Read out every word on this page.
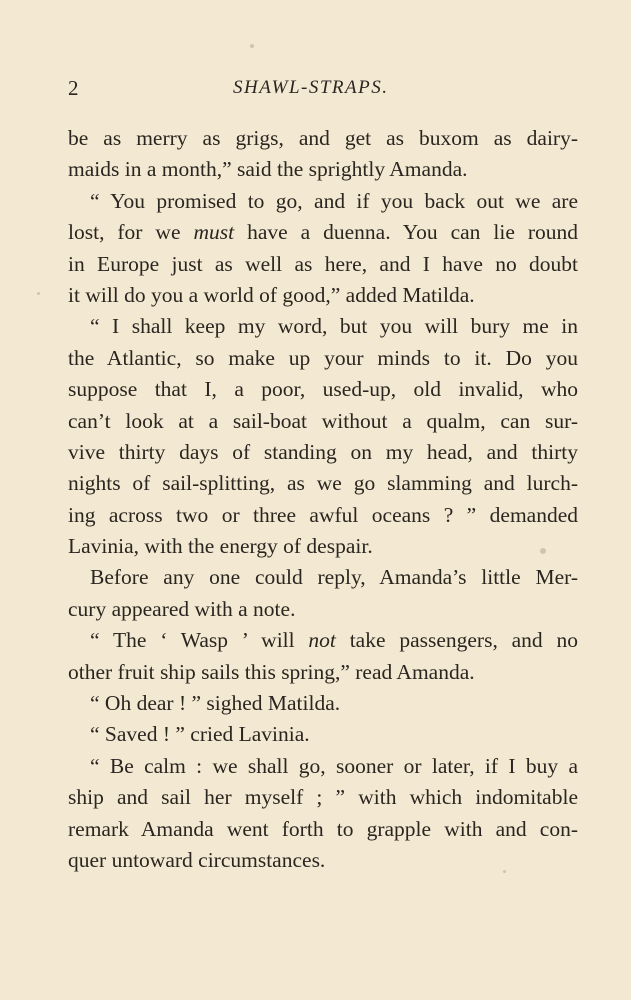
2	SHAWL-STRAPS.
be as merry as grigs, and get as buxom as dairy-
maids in a month,” said the sprightly Amanda.
“ You promised to go, and if you back out we are
lost, for we must have a duenna. You can lie round
in Europe just as well as here, and I have no doubt
it will do you a world of good,” added Matilda.
“ I shall keep my word, but you will bury me in
the Atlantic, so make up your minds to it. Do you
suppose that I, a poor, used-up, old invalid, who
can’t look at a sail-boat without a qualm, can sur-
vive thirty days of standing on my head, and thirty
nights of sail-splitting, as we go slamming and lurch-
ing across two or three awful oceans ? ” demanded
Lavinia, with the energy of despair.
Before any one could reply, Amanda’s little Mer-
cury appeared with a note.
“ The ‘ Wasp ’ will not take passengers, and no
other fruit ship sails this spring,” read Amanda.
“ Oh dear ! ” sighed Matilda.
“ Saved ! ” cried Lavinia.
“ Be calm : we shall go, sooner or later, if I buy a
ship and sail her myself ; ” with which indomitable
remark Amanda went forth to grapple with and con-
quer untoward circumstances.
